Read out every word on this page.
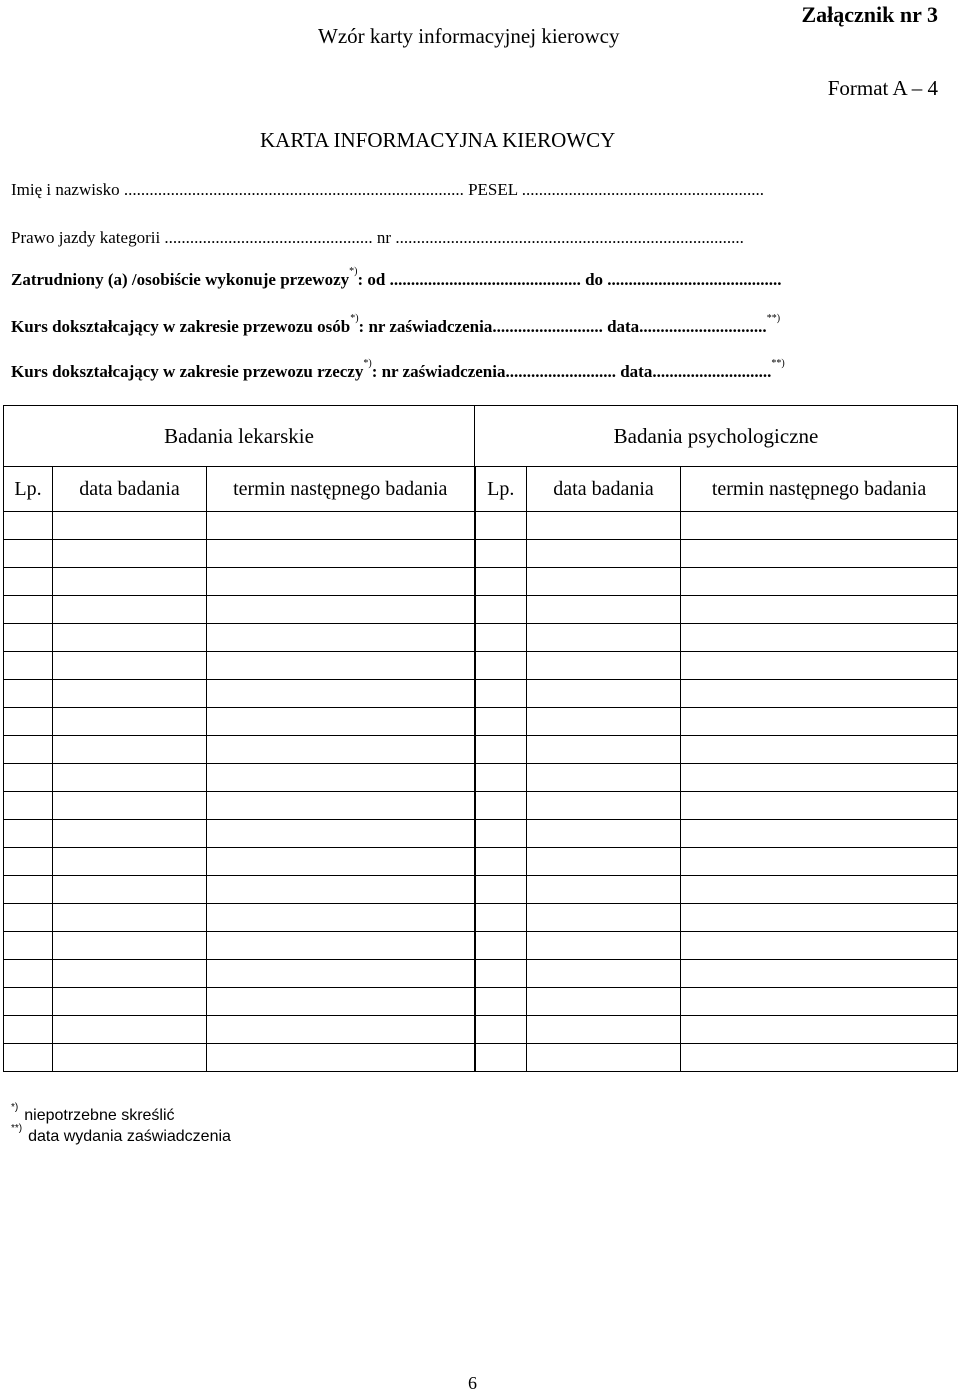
Wzór karty informacyjnej kierowcy
Załącznik nr 3
Format A – 4
KARTA INFORMACYJNA KIEROWCY
Imię i nazwisko ................................................................................ PESEL .........................................................
Prawo jazdy kategorii ................................................. nr ..................................................................................
Zatrudniony (a) /osobiście wykonuje przewozy*): od ............................................. do .........................................
Kurs dokształcający w zakresie przewozu osób*): nr zaświadczenia.......................... data..............................**)
Kurs dokształcający w zakresie przewozu rzeczy*): nr zaświadczenia.......................... data............................**)
Badania lekarskie			Badania psychologiczne		
Lp.	data badania	termin następnego badania	Lp.	data badania	termin następnego badania

*) niepotrzebne skreślić
**) data wydania zaświadczenia
6
